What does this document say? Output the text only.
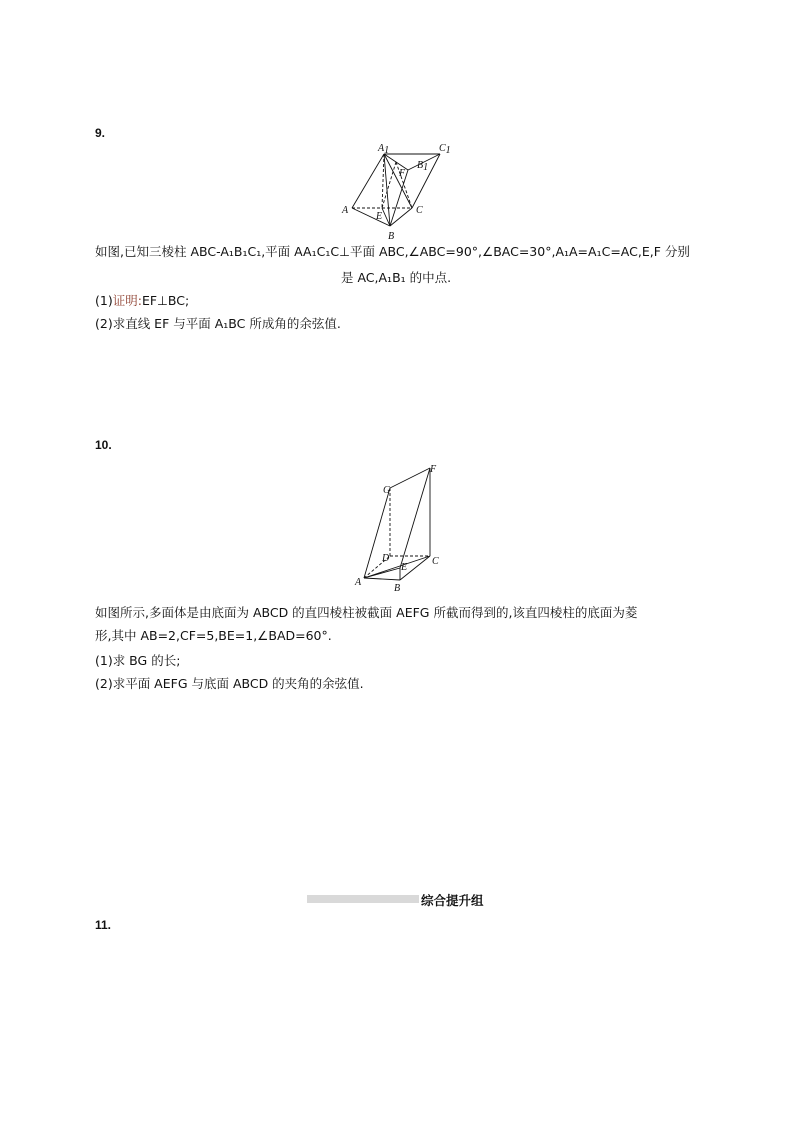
9.
A1	C1
B1
F
A
E
C
B
如图,已知三棱柱 ABC-A₁B₁C₁,平面 AA₁C₁C⊥平面 ABC,∠ABC=90°,∠BAC=30°,A₁A=A₁C=AC,E,F 分别
是 AC,A₁B₁ 的中点.
(1)证明:EF⊥BC;
(2)求直线 EF 与平面 A₁BC 所成角的余弦值.
10.
F
G
D	C
E
A
B
如图所示,多面体是由底面为 ABCD 的直四棱柱被截面 AEFG 所截而得到的,该直四棱柱的底面为菱
形,其中 AB=2,CF=5,BE=1,∠BAD=60°.
(1)求 BG 的长;
(2)求平面 AEFG 与底面 ABCD 的夹角的余弦值.
综合提升组
11.
